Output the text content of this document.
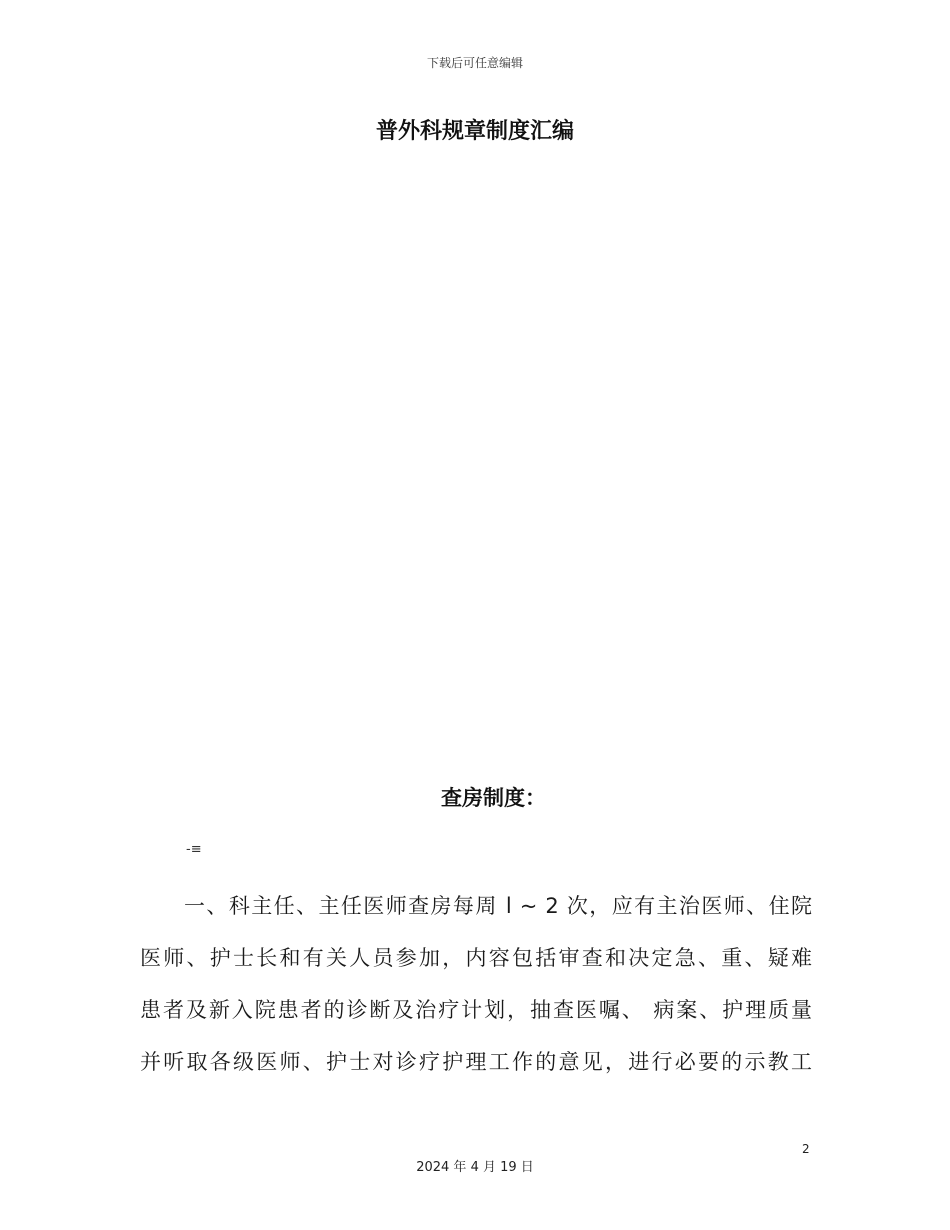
下载后可任意编辑
普外科规章制度汇编
查房制度：
-≡
一、科主任、主任医师查房每周 l ~ 2 次，应有主治医师、住院
医师、护士长和有关人员参加，内容包括审查和决定急、重、疑难
患者及新入院患者的诊断及治疗计划，抽查医嘱、 病案、护理质量
并听取各级医师、护士对诊疗护理工作的意见，进行必要的示教工
2
2024 年 4 月 19 日
